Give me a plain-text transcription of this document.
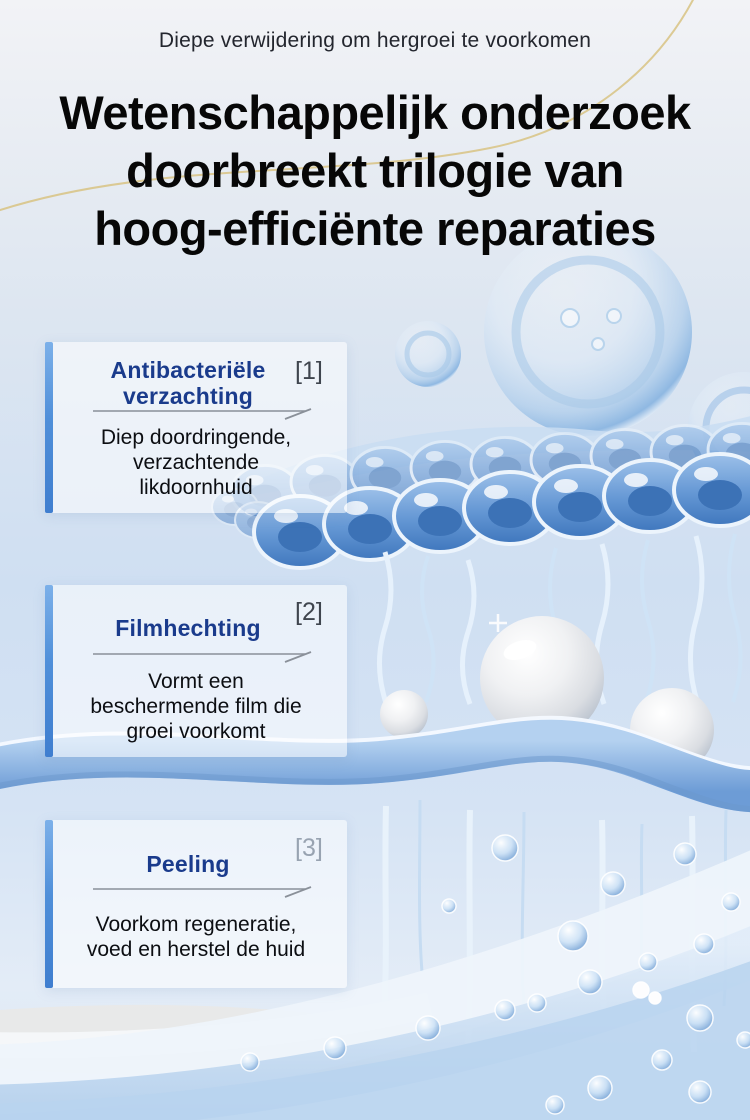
Diepe verwijdering om hergroei te voorkomen
Wetenschappelijk onderzoek
doorbreekt trilogie van
hoog-efficiënte reparaties
[1]
Antibacteriële
verzachting
Diep doordringende,
verzachtende
likdoornhuid
[2]
Filmhechting
Vormt een
beschermende film die
groei voorkomt
[3]
Peeling
Voorkom regeneratie,
voed en herstel de huid
